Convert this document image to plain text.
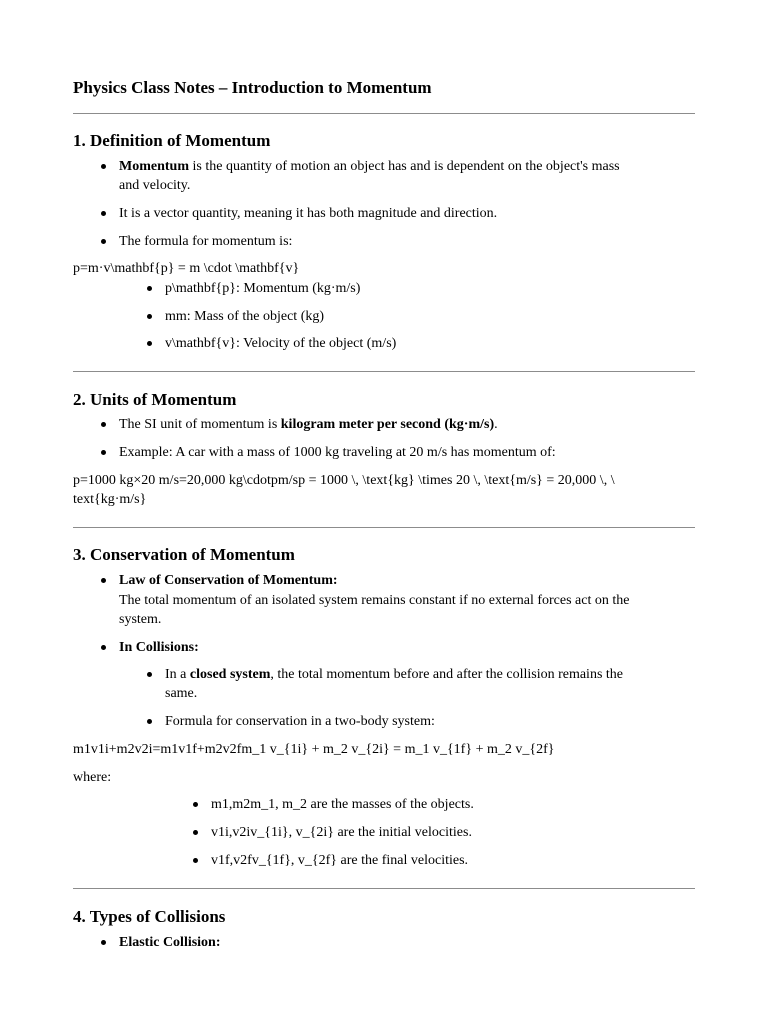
Physics Class Notes – Introduction to Momentum
1. Definition of Momentum
Momentum is the quantity of motion an object has and is dependent on the object's mass
and velocity.
It is a vector quantity, meaning it has both magnitude and direction.
The formula for momentum is:
p=m·v\mathbf{p} = m \cdot \mathbf{v}
p\mathbf{p}: Momentum (kg·m/s)
mm: Mass of the object (kg)
v\mathbf{v}: Velocity of the object (m/s)
2. Units of Momentum
The SI unit of momentum is kilogram meter per second (kg·m/s).
Example: A car with a mass of 1000 kg traveling at 20 m/s has momentum of:
p=1000 kg×20 m/s=20,000 kg\cdotpm/sp = 1000 \, \text{kg} \times 20 \, \text{m/s} = 20,000 \, \
text{kg·m/s}
3. Conservation of Momentum
Law of Conservation of Momentum:
The total momentum of an isolated system remains constant if no external forces act on the
system.
In Collisions:
In a closed system, the total momentum before and after the collision remains the
same.
Formula for conservation in a two-body system:
m1v1i+m2v2i=m1v1f+m2v2fm_1 v_{1i} + m_2 v_{2i} = m_1 v_{1f} + m_2 v_{2f}
where:
m1,m2m_1, m_2 are the masses of the objects.
v1i,v2iv_{1i}, v_{2i} are the initial velocities.
v1f,v2fv_{1f}, v_{2f} are the final velocities.
4. Types of Collisions
Elastic Collision:
